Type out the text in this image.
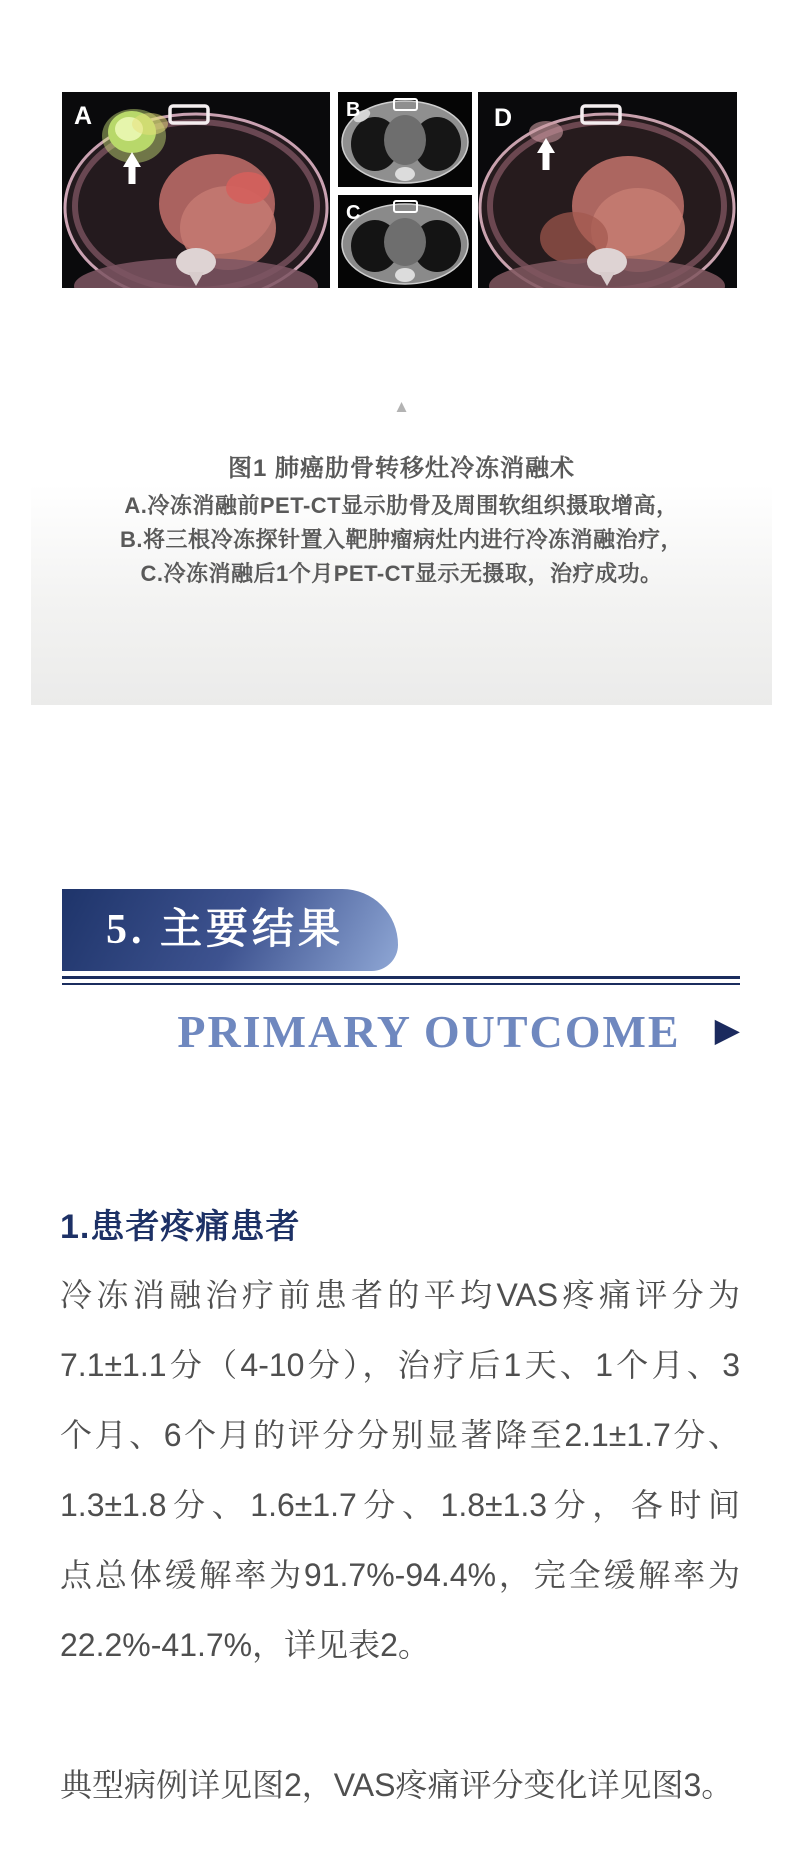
A	B
C
D
▲
图1 肺癌肋骨转移灶冷冻消融术
A.冷冻消融前PET-CT显示肋骨及周围软组织摄取增高，
B.将三根冷冻探针置入靶肿瘤病灶内进行冷冻消融治疗，
C.冷冻消融后1个月PET-CT显示无摄取，治疗成功。
5. 主要结果
PRIMARY OUTCOME ▶
1.患者疼痛患者
冷冻消融治疗前患者的平均VAS疼痛评分为
7.1±1.1分（4-10分），治疗后1天、1个月、3
个月、6个月的评分分别显著降至2.1±1.7分、
1.3±1.8分、1.6±1.7分、1.8±1.3分，各时间
点总体缓解率为91.7%-94.4%，完全缓解率为
22.2%-41.7%，详见表2。
典型病例详见图2，VAS疼痛评分变化详见图3。
